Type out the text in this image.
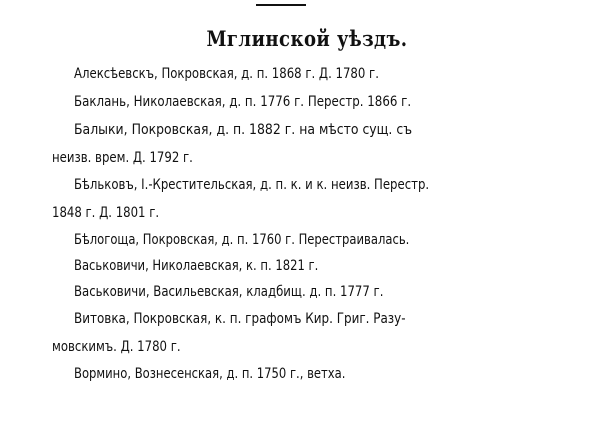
Мглинской уѣздъ.
Алексѣевскъ, Покровская, д. п. 1868 г. Д. 1780 г.
Баклань, Николаевская, д. п. 1776 г. Перестр. 1866 г.
Балыки, Покровская, д. п. 1882 г. на мѣсто сущ. съ
неизв. врем. Д. 1792 г.
Бѣльковъ, І.-Крестительская, д. п. к. и к. неизв. Перестр.
1848 г. Д. 1801 г.
Бѣлогоща, Покровская, д. п. 1760 г. Перестраивалась.
Васьковичи, Николаевская, к. п. 1821 г.
Васьковичи, Васильевская, кладбищ. д. п. 1777 г.
Витовка, Покровская, к. п. графомъ Кир. Григ. Разу-
мовскимъ. Д. 1780 г.
Вормино, Вознесенская, д. п. 1750 г., ветха.
